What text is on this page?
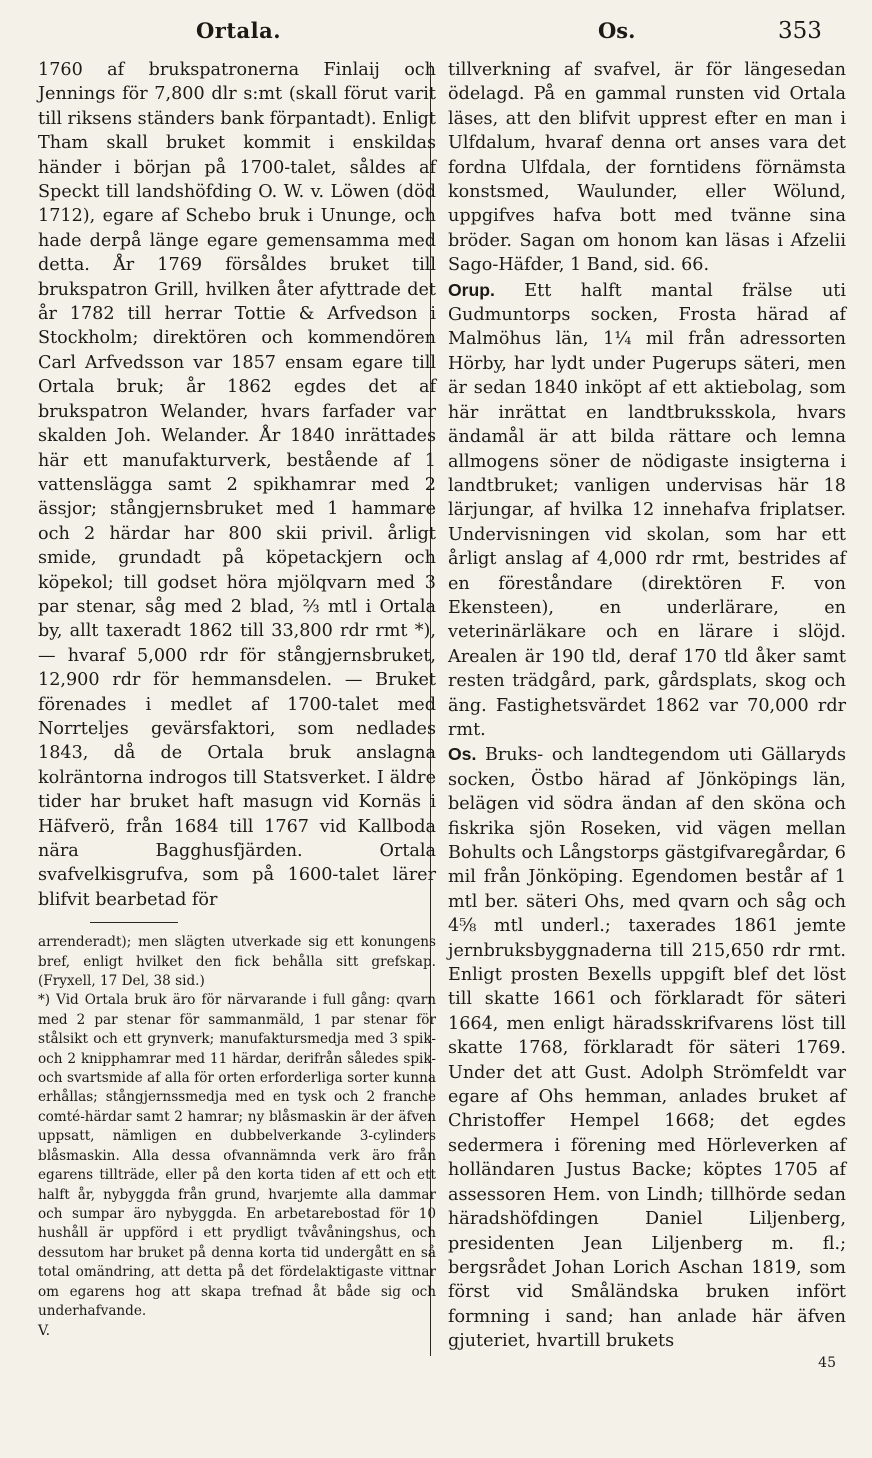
Ortala.	Os.	353

1760 af brukspatronerna Finlaij och Jennings för 7,800 dlr s:mt (skall förut varit till riksens ständers bank förpantadt). Enligt Tham skall bruket kommit i enskildas händer i början på 1700-talet, såldes af Speckt till landshöfding O. W. v. Löwen (död 1712), egare af Schebo bruk i Ununge, och hade derpå länge egare gemensamma med detta. År 1769 försåldes bruket till brukspatron Grill, hvilken åter afyttrade det år 1782 till herrar Tottie & Arfvedson i Stockholm; direktören och kommendören Carl Arfvedsson var 1857 ensam egare till Ortala bruk; år 1862 egdes det af brukspatron Welander, hvars farfader var skalden Joh. Welander. År 1840 inrättades här ett manufakturverk, bestående af 1 vattenslägga samt 2 spikhamrar med 2 ässjor; stångjernsbruket med 1 hammare och 2 härdar har 800 skii privil. årligt smide, grundadt på köpetackjern och köpekol; till godset höra mjölqvarn med 3 par stenar, såg med 2 blad, ⅔ mtl i Ortala by, allt taxeradt 1862 till 33,800 rdr rmt *), — hvaraf 5,000 rdr för stångjernsbruket, 12,900 rdr för hemmansdelen. — Bruket förenades i medlet af 1700-talet med Norrteljes gevärsfaktori, som nedlades 1843, då de Ortala bruk anslagna kolräntorna indrogos till Statsverket. I äldre tider har bruket haft masugn vid Kornäs i Häfverö, från 1684 till 1767 vid Kallboda nära Bagghusfjärden. Ortala svafvelkisgrufva, som på 1600-talet lärer blifvit bearbetad för

arrenderadt); men slägten utverkade sig ett konungens bref, enligt hvilket den fick behålla sitt grefskap. (Fryxell, 17 Del, 38 sid.)

*) Vid Ortala bruk äro för närvarande i full gång: qvarn med 2 par stenar för sammanmäld, 1 par stenar för stålsikt och ett grynverk; manufaktursmedja med 3 spik- och 2 knipphamrar med 11 härdar, derifrån således spik- och svartsmide af alla för orten erforderliga sorter kunna erhållas; stångjernssmedja med en tysk och 2 franche comté-härdar samt 2 hamrar; ny blåsmaskin är der äfven uppsatt, nämligen en dubbelverkande 3-cylinders blåsmaskin. Alla dessa ofvannämnda verk äro från egarens tillträde, eller på den korta tiden af ett och ett halft år, nybyggda från grund, hvarjemte alla dammar och sumpar äro nybyggda. En arbetarebostad för 10 hushåll är uppförd i ett prydligt tvåvåningshus, och dessutom har bruket på denna korta tid undergått en så total omändring, att detta på det fördelaktigaste vittnar om egarens hog att skapa trefnad åt både sig och underhafvande.

V.

tillverkning af svafvel, är för längesedan ödelagd. På en gammal runsten vid Ortala läses, att den blifvit uppre​st efter en man i Ulfdalum, hvaraf denna ort anses vara det fordna Ulfdala, der forntidens förnämsta konstsmed, Waulunder, eller Wölund, uppgifves hafva bott med tvänne sina bröder. Sagan om honom kan läsas i Afzelii Sago-Häfder, 1 Band, sid. 66.

Orup. Ett halft mantal frälse uti Gudmuntorps socken, Frosta härad af Malmöhus län, 1¼ mil från adressorten Hörby, har lydt under Pugerups säteri, men är sedan 1840 inköpt af ett aktiebolag, som här inrättat en landtbruksskola, hvars ändamål är att bilda rättare och lemna allmogens söner de nödigaste insigterna i landtbruket; vanligen undervisas här 18 lärjungar, af hvilka 12 innehafva friplatser. Undervisningen vid skolan, som har ett årligt anslag af 4,000 rdr rmt, bestrides af en föreståndare (direktören F. von Ekensteen), en underlärare, en veterinärläkare och en lärare i slöjd. Arealen är 190 tld, deraf 170 tld åker samt resten trädgård, park, gårdsplats, skog och äng. Fastighetsvärdet 1862 var 70,000 rdr rmt.

Os. Bruks- och landtegendom uti Gällaryds socken, Östbo härad af Jönköpings län, belägen vid södra ändan af den sköna och fiskrika sjön Roseken, vid vägen mellan Bohults och Långstorps gästgifvaregårdar, 6 mil från Jönköping. Egendomen består af 1 mtl ber. säteri Ohs, med qvarn och såg och 4⅝ mtl underl.; taxerades 1861 jemte jernbruksbyggnaderna till 215,650 rdr rmt. Enligt prosten Bexells uppgift blef det löst till skatte 1661 och förklaradt för säteri 1664, men enligt häradsskrifvarens löst till skatte 1768, förklaradt för säteri 1769. Under det att Gust. Adolph Strömfeldt var egare af Ohs hemman, anlades bruket af Christoffer Hempel 1668; det egdes sedermera i förening med Hörleverken af holländaren Justus Backe; köptes 1705 af assessoren Hem. von Lindh; tillhörde sedan häradshöfdingen Daniel Liljenberg, presidenten Jean Liljenberg m. fl.; bergsrådet Johan Lorich Aschan 1819, som först vid Småländska bruken infört formning i sand; han anlade här äfven gjuteriet, hvartill brukets

45
